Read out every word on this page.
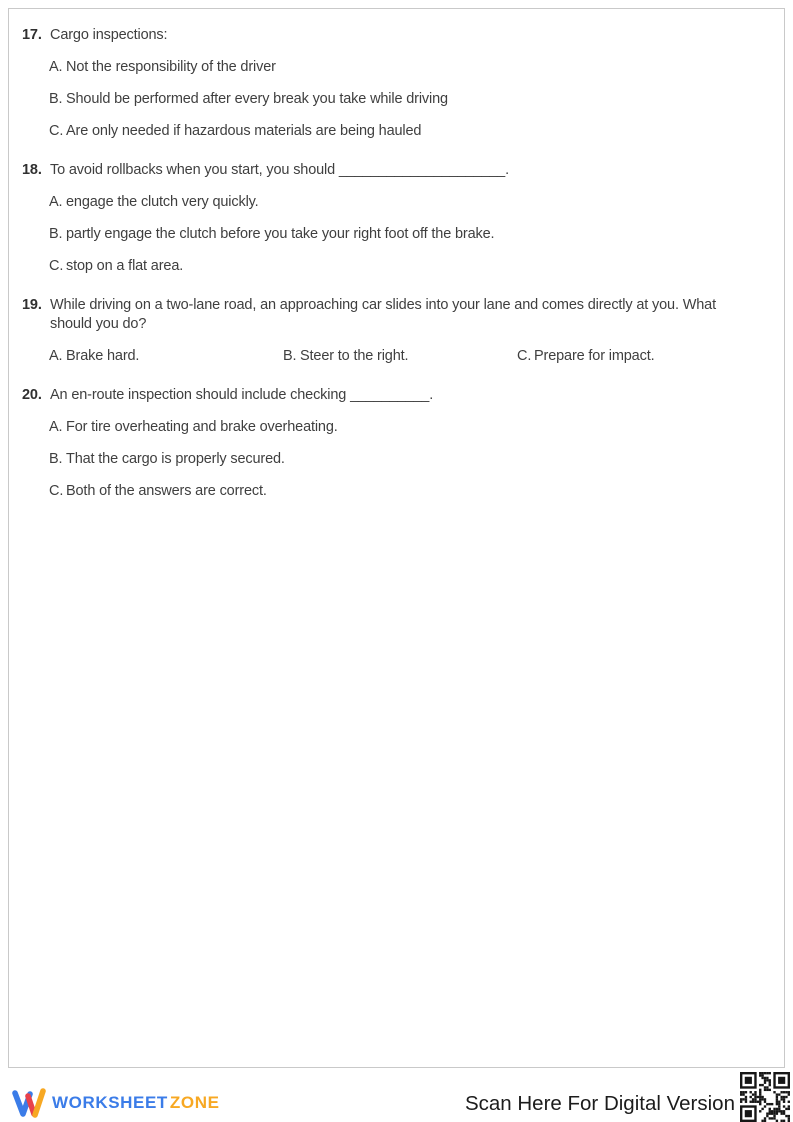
17. Cargo inspections:
A. Not the responsibility of the driver
B. Should be performed after every break you take while driving
C. Are only needed if hazardous materials are being hauled
18. To avoid rollbacks when you start, you should _____________________.
A. engage the clutch very quickly.
B. partly engage the clutch before you take your right foot off the brake.
C. stop on a flat area.
19. While driving on a two-lane road, an approaching car slides into your lane and comes directly at you. What should you do?
A. Brake hard.	B. Steer to the right.	C. Prepare for impact.
20. An en-route inspection should include checking __________.
A. For tire overheating and brake overheating.
B. That the cargo is properly secured.
C. Both of the answers are correct.
WORKSHEET ZONE	Scan Here For Digital Version
